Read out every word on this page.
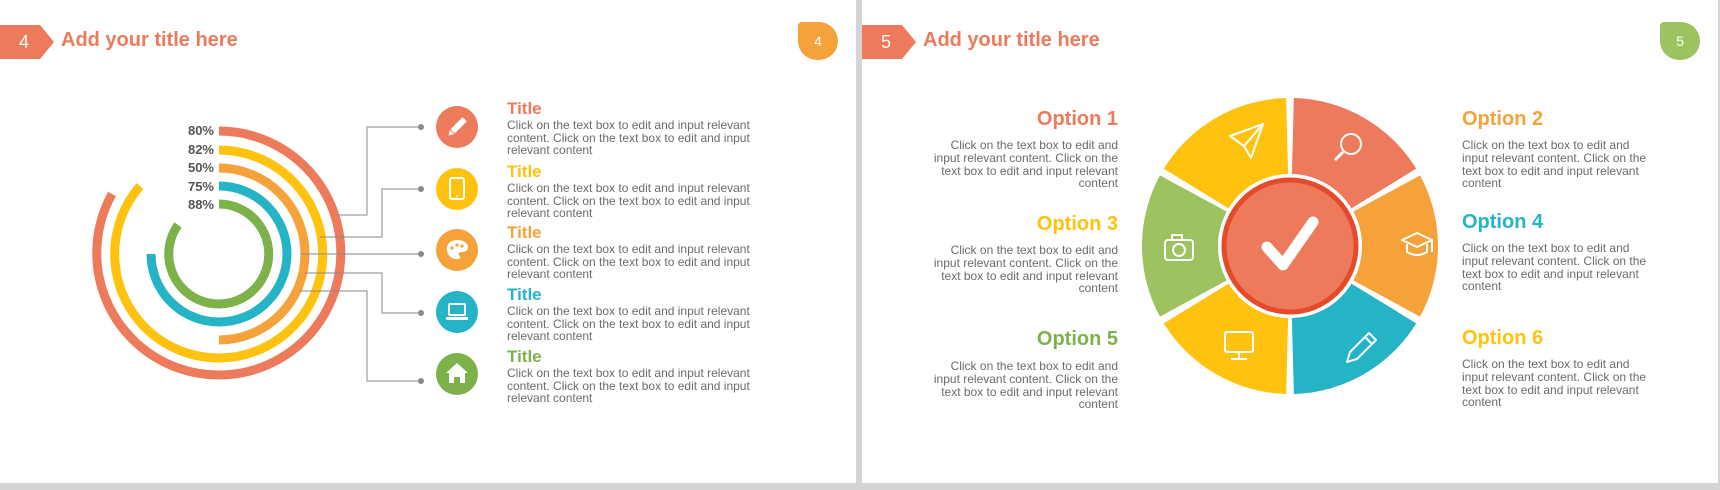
4	Add your title here	4
80%
82%
50%
75%
88%
Title
Click on the text box to edit and input relevant content. Click on the text box to edit and input relevant content
Title
Click on the text box to edit and input relevant content. Click on the text box to edit and input relevant content
Title
Click on the text box to edit and input relevant content. Click on the text box to edit and input relevant content
Title
Click on the text box to edit and input relevant content. Click on the text box to edit and input relevant content
Title
Click on the text box to edit and input relevant content. Click on the text box to edit and input relevant content
5	Add your title here	5
Option 1
Click on the text box to edit and input relevant content. Click on the text box to edit and input relevant content
Option 2
Click on the text box to edit and input relevant content. Click on the text box to edit and input relevant content
Option 3
Click on the text box to edit and input relevant content. Click on the text box to edit and input relevant content
Option 4
Click on the text box to edit and input relevant content. Click on the text box to edit and input relevant content
Option 5
Click on the text box to edit and input relevant content. Click on the text box to edit and input relevant content
Option 6
Click on the text box to edit and input relevant content. Click on the text box to edit and input relevant content
